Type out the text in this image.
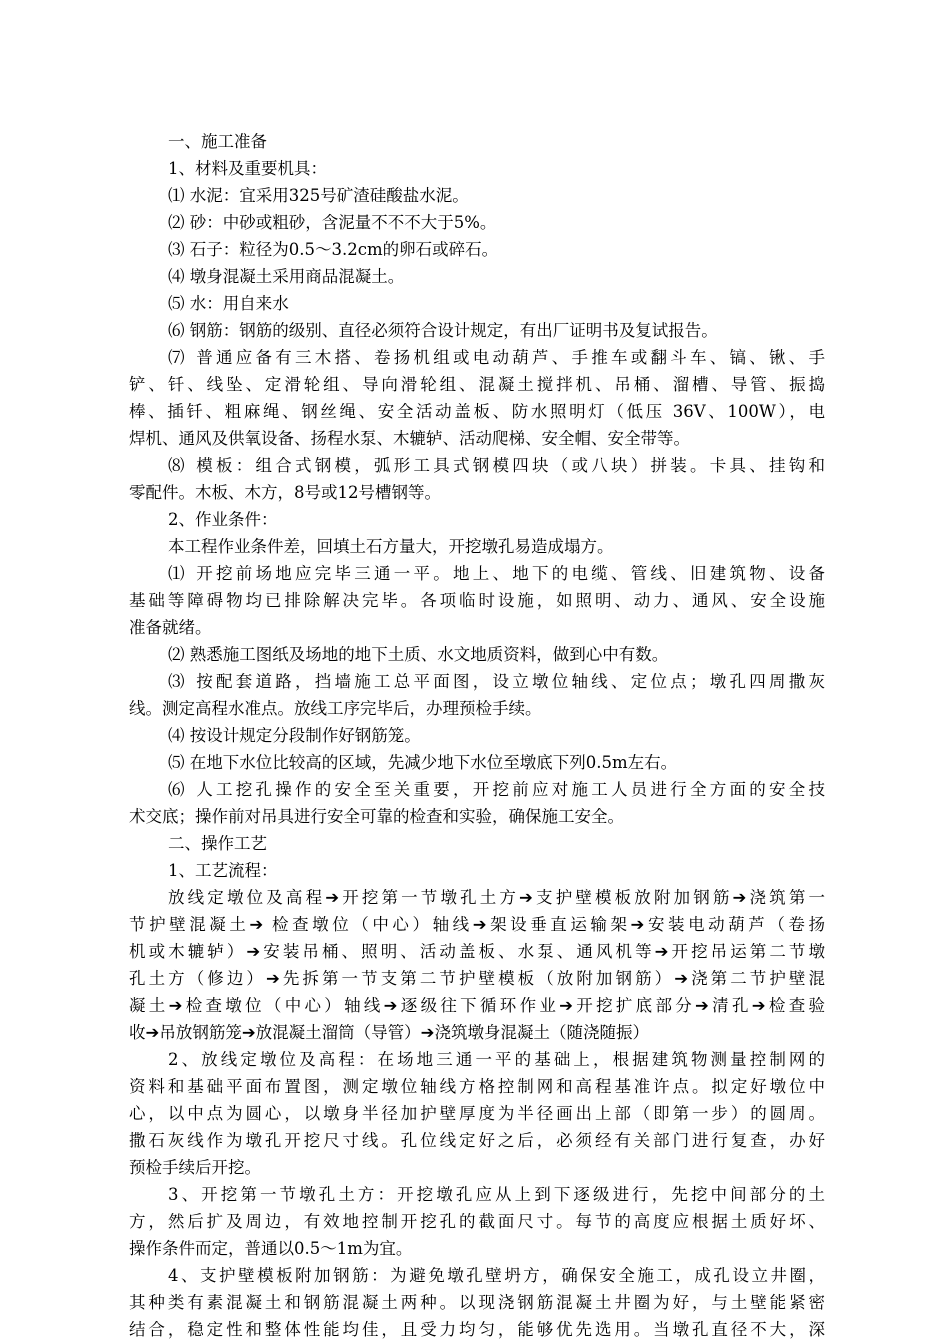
一、施工准备
1、材料及重要机具：
⑴ 水泥：宜采用325号矿渣硅酸盐水泥。
⑵ 砂：中砂或粗砂，含泥量不不不大于5%。
⑶ 石子：粒径为0.5～3.2cm的卵石或碎石。
⑷ 墩身混凝土采用商品混凝土。
⑸ 水：用自来水
⑹ 钢筋：钢筋的级别、直径必须符合设计规定，有出厂证明书及复试报告。
⑺ 普通应备有三木搭、卷扬机组或电动葫芦、手推车或翻斗车、镐、锹、手
铲、钎、线坠、定滑轮组、导向滑轮组、混凝土搅拌机、吊桶、溜槽、导管、振捣
棒、插钎、粗麻绳、钢丝绳、安全活动盖板、防水照明灯（低压 36V、100W），电
焊机、通风及供氧设备、扬程水泵、木辘轳、活动爬梯、安全帽、安全带等。
⑻ 模板：组合式钢模，弧形工具式钢模四块（或八块）拼装。卡具、挂钩和
零配件。木板、木方，8号或12号槽钢等。
2、作业条件：
本工程作业条件差，回填土石方量大，开挖墩孔易造成塌方。
⑴ 开挖前场地应完毕三通一平。地上、地下的电缆、管线、旧建筑物、设备
基础等障碍物均已排除解决完毕。各项临时设施，如照明、动力、通风、安全设施
准备就绪。
⑵ 熟悉施工图纸及场地的地下土质、水文地质资料，做到心中有数。
⑶ 按配套道路，挡墙施工总平面图，设立墩位轴线、定位点；墩孔四周撒灰
线。测定高程水准点。放线工序完毕后，办理预检手续。
⑷ 按设计规定分段制作好钢筋笼。
⑸ 在地下水位比较高的区域，先减少地下水位至墩底下列0.5m左右。
⑹ 人工挖孔操作的安全至关重要，开挖前应对施工人员进行全方面的安全技
术交底；操作前对吊具进行安全可靠的检查和实验，确保施工安全。
二、操作工艺
1、工艺流程：
放线定墩位及高程➔开挖第一节墩孔土方➔支护壁模板放附加钢筋➔浇筑第一
节护壁混凝土➔ 检查墩位（中心）轴线➔架设垂直运输架➔安装电动葫芦（卷扬
机或木辘轳）➔安装吊桶、照明、活动盖板、水泵、通风机等➔开挖吊运第二节墩
孔土方（修边）➔先拆第一节支第二节护壁模板（放附加钢筋）➔浇第二节护壁混
凝土➔检查墩位（中心）轴线➔逐级往下循环作业➔开挖扩底部分➔清孔➔检查验
收➔吊放钢筋笼➔放混凝土溜筒（导管）➔浇筑墩身混凝土（随浇随振）
2、放线定墩位及高程：在场地三通一平的基础上，根据建筑物测量控制网的
资料和基础平面布置图，测定墩位轴线方格控制网和高程基准许点。拟定好墩位中
心，以中点为圆心，以墩身半径加护壁厚度为半径画出上部（即第一步）的圆周。
撒石灰线作为墩孔开挖尺寸线。孔位线定好之后，必须经有关部门进行复查，办好
预检手续后开挖。
3、开挖第一节墩孔土方：开挖墩孔应从上到下逐级进行，先挖中间部分的土
方，然后扩及周边，有效地控制开挖孔的截面尺寸。每节的高度应根据土质好坏、
操作条件而定，普通以0.5～1m为宜。
4、支护壁模板附加钢筋：为避免墩孔壁坍方，确保安全施工，成孔设立井圈，
其种类有素混凝土和钢筋混凝土两种。以现浇钢筋混凝土井圈为好，与土壁能紧密
结合，稳定性和整体性能均佳，且受力均匀，能够优先选用。当墩孔直径不大，深
